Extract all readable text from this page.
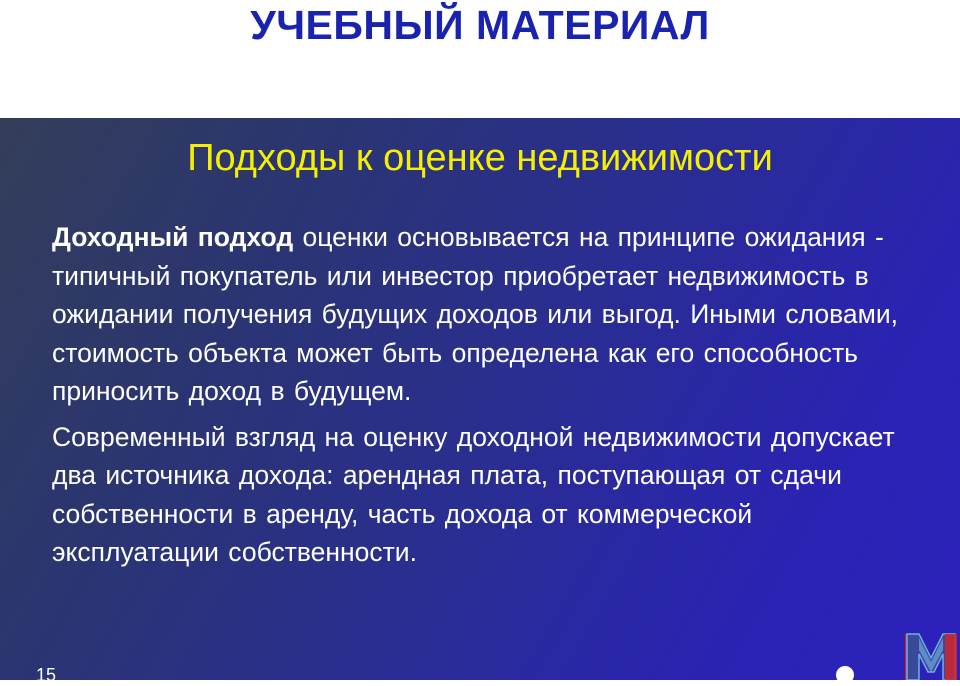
УЧЕБНЫЙ МАТЕРИАЛ
Подходы к оценке недвижимости

Доходный подход оценки основывается на принципе ожидания - типичный покупатель или инвестор приобретает недвижимость в ожидании получения будущих доходов или выгод. Иными словами, стоимость объекта может быть определена как его способность приносить доход в будущем.

Современный взгляд на оценку доходной недвижимости допускает два источника дохода: арендная плата, поступающая от сдачи собственности в аренду, часть дохода от коммерческой эксплуатации собственности.

15
